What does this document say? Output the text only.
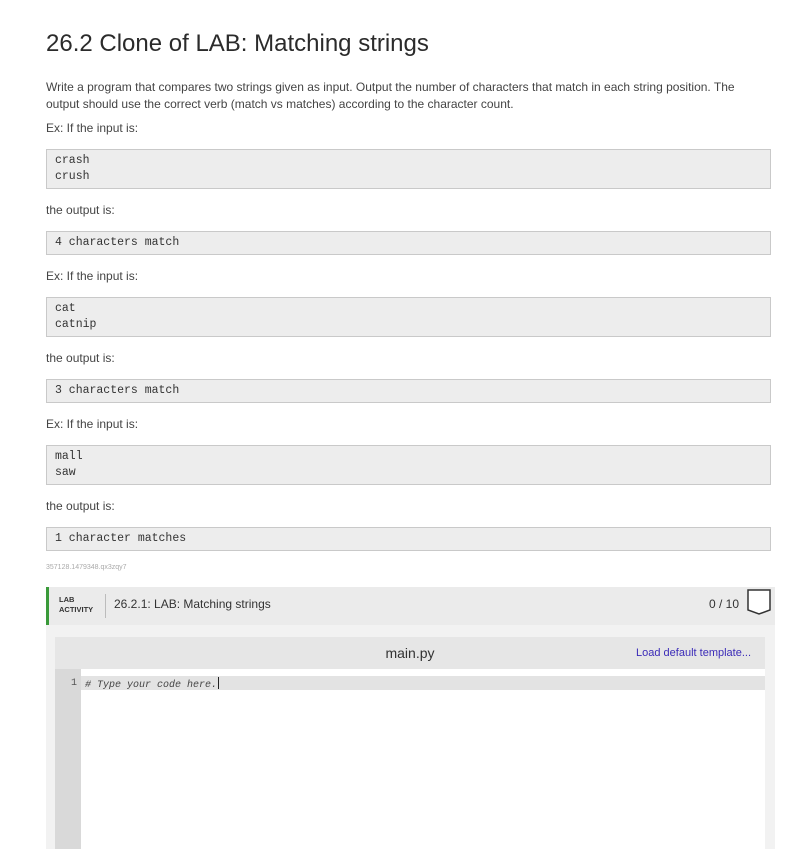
26.2 Clone of LAB: Matching strings

Write a program that compares two strings given as input. Output the number of characters that match in each string position. The output should use the correct verb (match vs matches) according to the character count.

Ex: If the input is:

crash
crush

the output is:

4 characters match

Ex: If the input is:

cat
catnip

the output is:

3 characters match

Ex: If the input is:

mall
saw

the output is:

1 character matches
357128.1479348.qx3zqy7
LAB
ACTIVITY 26.2.1: LAB: Matching strings	0 / 10
main.py	Load default template...
1 # Type your code here.
